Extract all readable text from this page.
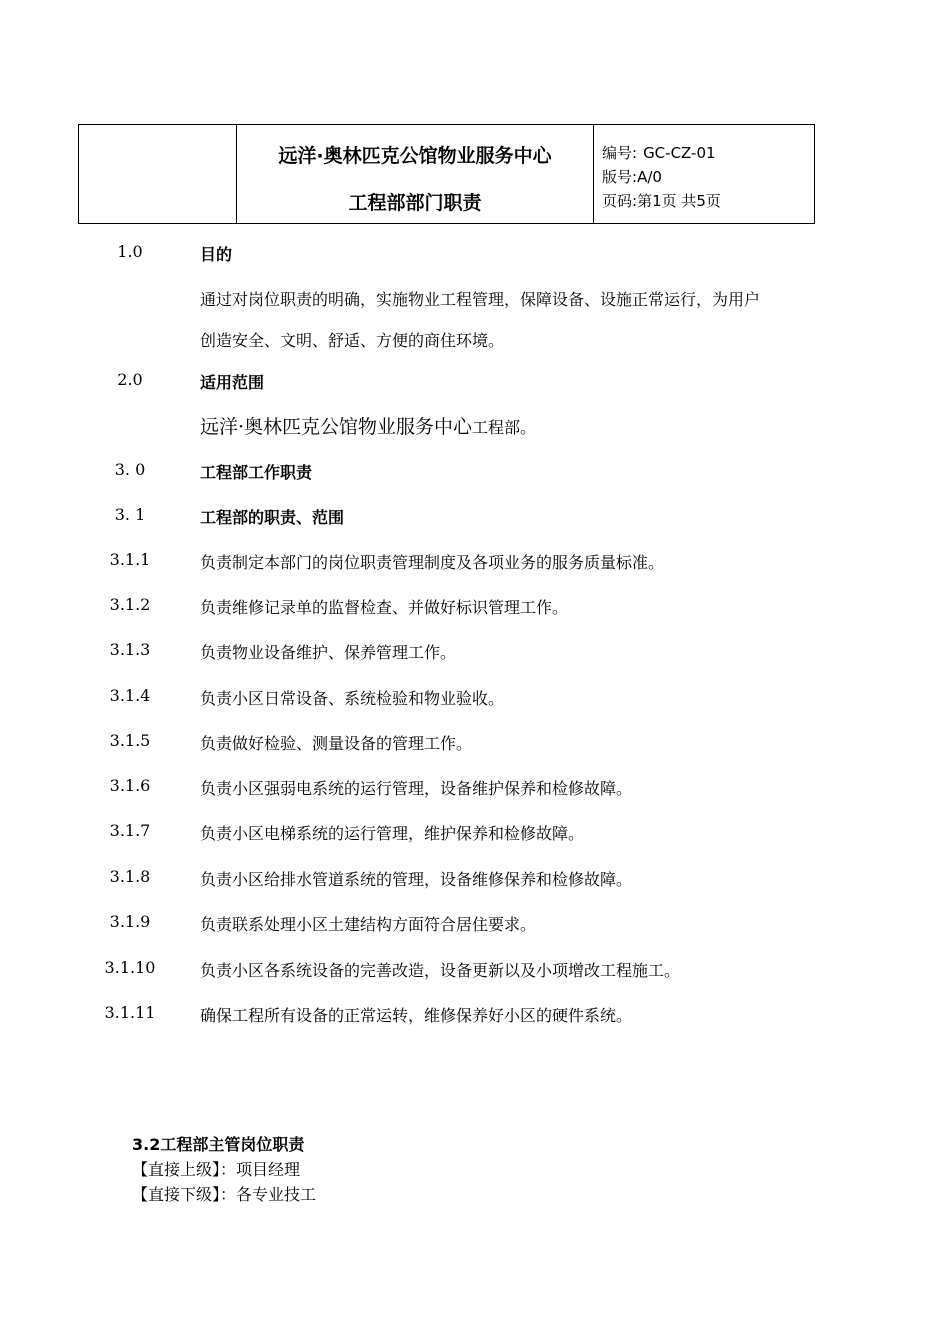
远洋·奥林匹克公馆物业服务中心
工程部部门职责
编号: GC-CZ-01
版号:A/0
页码:第1页 共5页
1.0	目的
通过对岗位职责的明确，实施物业工程管理，保障设备、设施正常运行，为用户
创造安全、文明、舒适、方便的商住环境。
2.0	适用范围
远洋·奥林匹克公馆物业服务中心工程部。
3. 0	工程部工作职责
3. 1	工程部的职责、范围
3.1.1	负责制定本部门的岗位职责管理制度及各项业务的服务质量标准。
3.1.2	负责维修记录单的监督检查、并做好标识管理工作。
3.1.3	负责物业设备维护、保养管理工作。
3.1.4	负责小区日常设备、系统检验和物业验收。
3.1.5	负责做好检验、测量设备的管理工作。
3.1.6	负责小区强弱电系统的运行管理，设备维护保养和检修故障。
3.1.7	负责小区电梯系统的运行管理，维护保养和检修故障。
3.1.8	负责小区给排水管道系统的管理，设备维修保养和检修故障。
3.1.9	负责联系处理小区土建结构方面符合居住要求。
3.1.10	负责小区各系统设备的完善改造，设备更新以及小项增改工程施工。
3.1.11	确保工程所有设备的正常运转，维修保养好小区的硬件系统。
3.2工程部主管岗位职责
【直接上级】：项目经理
【直接下级】：各专业技工
